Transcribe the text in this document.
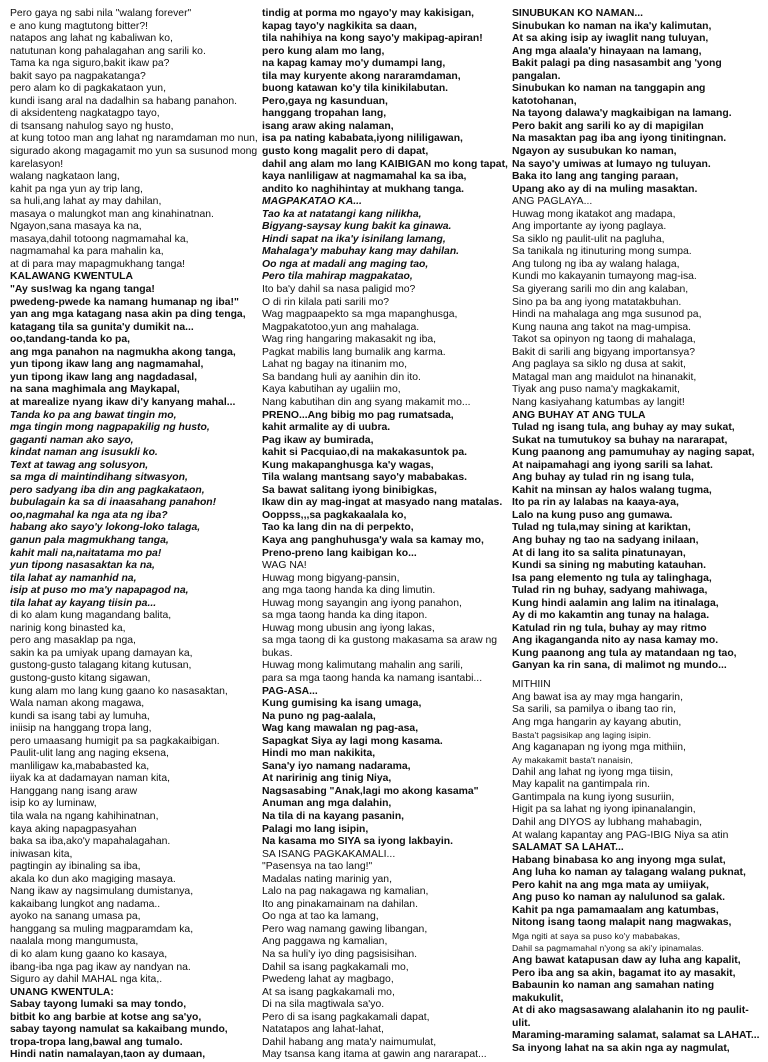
Pero gaya ng sabi nila "walang forever"
e ano kung magtutong bitter?!
natapos ang lahat ng kabaliwan ko,
natutunan kong pahalagahan ang sarili ko.
Tama ka nga siguro,bakit ikaw pa?
bakit sayo pa nagpakatanga?
pero alam ko di pagkakataon yun,
kundi isang aral na dadalhin sa habang panahon.
di aksidenteng nagkatagpo tayo,
di tsansang nahulog sayo ng husto,
at kung totoo man ang lahat ng naramdaman mo nun,
sigurado akong magagamit mo yun sa susunod mong
karelasyon!
walang nagkataon lang,
kahit pa nga yun ay trip lang,
sa huli,ang lahat ay may dahilan,
masaya o malungkot man ang kinahinatnan.
Ngayon,sana masaya ka na,
masaya,dahil totoong nagmamahal ka,
nagmamahal ka para mahalin ka,
at di para may mapagmukhang tanga!
KALAWANG KWENTULA
"Ay sus!wag ka ngang tanga!
pwedeng-pwede ka namang humanap ng iba!"
yan ang mga katagang nasa akin pa ding tenga,
katagang tila sa gunita'y dumikit na...
oo,tandang-tanda ko pa,
ang mga panahon na nagmukha akong tanga,
yun tipong ikaw lang ang nagmamahal,
yun tipong ikaw lang ang nagdadasal,
na sana maghimala ang Maykapal,
at marealize nyang ikaw di'y kanyang mahal...
Tanda ko pa ang bawat tingin mo,
mga tingin mong nagpapakilig ng husto,
gaganti naman ako sayo,
kindat naman ang isusukli ko.
Text at tawag ang solusyon,
sa mga di maintindihang sitwasyon,
pero sadyang iba din ang pagkakataon,
bubulagain ka sa di inaasahang panahon!
oo,nagmahal ka nga ata ng iba?
habang ako sayo'y lokong-loko talaga,
ganun pala magmukhang tanga,
kahit mali na,naitatama mo pa!
yun tipong nasasaktan ka na,
tila lahat ay namanhid na,
isip at puso mo ma'y napapagod na,
tila lahat ay kayang tiisin pa...
di ko alam kung magandang balita,
narinig kong binasted ka,
pero ang masaklap pa nga,
sakin ka pa umiyak upang damayan ka,
gustong-gusto talagang kitang kutusan,
gustong-gusto kitang sigawan,
kung alam mo lang kung gaano ko nasasaktan,
Wala naman akong magawa,
kundi sa isang tabi ay lumuha,
iniisip na hanggang tropa lang,
pero umaasang humigit pa sa pagkakaibigan.
Paulit-ulit lang ang naging eksena,
manliligaw ka,mababasted ka,
iiyak ka at dadamayan naman kita,
Hanggang nang isang araw
isip ko ay luminaw,
tila wala na ngang kahihinatnan,
kaya aking napagpasyahan
baka sa iba,ako'y mapahalagahan.
iniwasan kita,
pagtingin ay ibinaling sa iba,
akala ko dun ako magiging masaya.
Nang ikaw ay nagsimulang dumistanya,
kakaibang lungkot ang nadama..
ayoko na sanang umasa pa,
hanggang sa muling magparamdam ka,
naalala mong mangumusta,
di ko alam kung gaano ko kasaya,
ibang-iba nga pag ikaw ay nandyan na.
Siguro ay dahil MAHAL nga kita,.
UNANG KWENTULA:
Sabay tayong lumaki sa may tondo,
bitbit ko ang barbie at kotse ang sa'yo,
sabay tayong namulat sa kakaibang mundo,
tropa-tropa lang,bawal ang tumalo.
Hindi natin namalayan,taon ay dumaan,
tindig at porma mo ngayo'y may kakisigan,
kapag tayo'y nagkikita sa daan,
tila nahihiya na kong sayo'y makipag-apiran!
pero kung alam mo lang,
na kapag kamay mo'y dumampi lang,
tila may kuryente akong nararamdaman,
buong katawan ko'y tila kinikilabutan.
Pero,gaya ng kasunduan,
hanggang tropahan lang,
isang araw aking nalaman,
isa pa nating kababata,iyong nililigawan,
gusto kong magalit pero di dapat,
dahil ang alam mo lang KAIBIGAN mo kong tapat,
kaya nanliligaw at nagmamahal ka sa iba,
andito ko naghihintay at mukhang tanga.
MAGPAKATAO KA...
Tao ka at natatangi kang nilikha,
Bigyang-saysay kung bakit ka ginawa.
Hindi sapat na ika'y isinilang lamang,
Mahalaga'y mabuhay kang may dahilan.
Oo nga at madali ang maging tao,
Pero tila mahirap magpakatao,
Ito ba'y dahil sa nasa paligid mo?
O di rin kilala pati sarili mo?
Wag magpaapekto sa mga mapanghusga,
Magpakatotoo,yun ang mahalaga.
Wag ring hangaring makasakit ng iba,
Pagkat mabilis lang bumalik ang karma.
Lahat ng bagay na itinanim mo,
Sa bandang huli ay aanihin din ito.
Kaya kabutihan ay ugaliin mo,
Nang kabutihan din ang syang makamit mo...
PRENO...Ang bibig mo pag rumatsada,
kahit armalite ay di uubra.
Pag ikaw ay bumirada,
kahit si Pacquiao,di na makakasuntok pa.
Kung makapanghusga ka'y wagas,
Tila walang mantsang sayo'y mababakas.
Sa bawat salitang iyong binibigkas,
Ikaw din ay mag-ingat at masyado nang matalas.
Ooppss,,,sa pagkakaalala ko,
Tao ka lang din na di perpekto,
Kaya ang panghuhusga'y wala sa kamay mo,
Preno-preno lang kaibigan ko...
WAG NA!
Huwag mong bigyang-pansin,
ang mga taong handa ka ding limutin.
Huwag mong sayangin ang iyong panahon,
sa mga taong handa ka ding itapon.
Huwag mong ubusin ang iyong lakas,
sa mga taong di ka gustong makasama sa araw ng
bukas.
Huwag mong kalimutang mahalin ang sarili,
para sa mga taong handa ka namang isantabi...
PAG-ASA...
Kung gumising ka isang umaga,
Na puno ng pag-aalala,
Wag kang mawalan ng pag-asa,
Sapagkat Siya ay lagi mong kasama.
Hindi mo man nakikita,
Sana'y iyo namang nadarama,
At naririnig ang tinig Niya,
Nagsasabing "Anak,lagi mo akong kasama"
Anuman ang mga dalahin,
Na tila di na kayang pasanin,
Palagi mo lang isipin,
Na kasama mo SIYA sa iyong lakbayin.
SA ISANG PAGKAKAMALI...
"Pasensya na tao lang!"
Madalas nating marinig yan,
Lalo na pag nakagawa ng kamalian,
Ito ang pinakamainam na dahilan.
Oo nga at tao ka lamang,
Pero wag namang gawing libangan,
Ang paggawa ng kamalian,
Na sa huli'y iyo ding pagsisisihan.
Dahil sa isang pagkakamali mo,
Pwedeng lahat ay magbago,
At sa isang pagkakamali mo,
Di na sila magtiwala sa'yo.
Pero di sa isang pagkakamali dapat,
Natatapos ang lahat-lahat,
Dahil habang ang mata'y naimumulat,
May tsansa kang itama at gawin ang nararapat...
SINUBUKAN KO NAMAN...
Sinubukan ko naman na ika'y kalimutan,
At sa aking isip ay iwaglit nang tuluyan,
Ang mga alaala'y hinayaan na lamang,
Bakit palagi pa ding nasasambit ang 'yong
pangalan.
Sinubukan ko naman na tanggapin ang
katotohanan,
Na tayong dalawa'y magkaibigan na lamang.
Pero bakit ang sarili ko ay di mapigilan
Na masaktan pag iba ang iyong tinitingnan.
Ngayon ay susubukan ko naman,
Na sayo'y umiwas at lumayo ng tuluyan.
Baka ito lang ang tanging paraan,
Upang ako ay di na muling masaktan.
ANG PAGLAYA...
Huwag mong ikatakot ang madapa,
Ang importante ay iyong paglaya.
Sa siklo ng paulit-ulit na pagluha,
Sa tanikala ng itinuturing mong sumpa.
Ang tulong ng iba ay walang halaga,
Kundi mo kakayanin tumayong mag-isa.
Sa giyerang sarili mo din ang kalaban,
Sino pa ba ang iyong matatakbuhan.
Hindi na mahalaga ang mga susunod pa,
Kung nauna ang takot na mag-umpisa.
Takot sa opinyon ng taong di mahalaga,
Bakit di sarili ang bigyang importansya?
Ang paglaya sa siklo ng dusa at sakit,
Matagal man ang maidulot na hinanakit,
Tiyak ang puso nama'y magkakamit,
Nang kasiyahang katumbas ay langit!
ANG BUHAY AT ANG TULA
Tulad ng isang tula, ang buhay ay may sukat,
Sukat na tumutukoy sa buhay na nararapat,
Kung paanong ang pamumuhay ay naging sapat,
At naipamahagi ang iyong sarili sa lahat.
Ang buhay ay tulad rin ng isang tula,
Kahit na minsan ay halos walang tugma,
Ito pa rin ay lalabas na kaaya-aya,
Lalo na kung puso ang gumawa.
Tulad ng tula,may sining at kariktan,
Ang buhay ng tao na sadyang inilaan,
At di lang ito sa salita pinatunayan,
Kundi sa sining ng mabuting katauhan.
Isa pang elemento ng tula ay talinghaga,
Tulad rin ng buhay, sadyang mahiwaga,
Kung hindi aalamin ang lalim na itinalaga,
Ay di mo kakamtin ang tunay na halaga.
Katulad rin ng tula, buhay ay may ritmo
Ang ikaganganda nito ay nasa kamay mo.
Kung paanong ang tula ay matandaan ng tao,
Ganyan ka rin sana, di malimot ng mundo...
MITHIIN
Ang bawat isa ay may mga hangarin,
Sa sarili, sa pamilya o ibang tao rin,
Ang mga hangarin ay kayang abutin,
Basta't pagsisikap ang laging isipin.
Ang kaganapan ng iyong mga mithiin,
Ay makakamit basta't nanaisin,
Dahil ang lahat ng iyong mga tiisin,
May kapalit na gantimpala rin.
Gantimpala na kung iyong susuriin,
Higit pa sa lahat ng iyong ipinanalangin,
Dahil ang DIYOS ay lubhang mahabagin,
At walang kapantay ang PAG-IBIG Niya sa atin
SALAMAT SA LAHAT...
Habang binabasa ko ang inyong mga sulat,
Ang luha ko naman ay talagang walang puknat,
Pero kahit na ang mga mata ay umiiyak,
Ang puso ko naman ay nalulunod sa galak.
Kahit pa nga pamamaalam ang katumbas,
Nitong isang taong malapit nang magwakas,
Mga ngiti at saya sa puso ko'y mababakas,
Dahil sa pagmamahal n'yong sa aki'y ipinamalas.
Ang bawat katapusan daw ay luha ang kapalit,
Pero iba ang sa akin, bagamat ito ay masakit,
Babaunin ko naman ang samahan nating
makukulit,
At di ako magsasawang alalahanin ito ng paulit-
ulit.
Maraming-maraming salamat, salamat sa LAHAT...
Sa inyong lahat na sa akin nga ay nagmulat,
